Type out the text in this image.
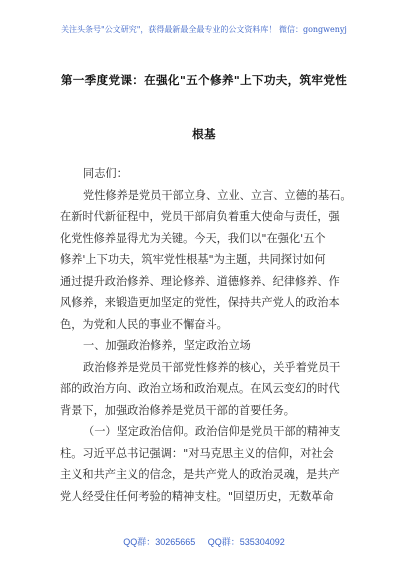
关注头条号"公文研究"，获得最新最全最专业的公文资料库！ 微信：gongwenyj
第一季度党课：在强化"五个修养"上下功夫，筑牢党性
根基
同志们：
党性修养是党员干部立身、立业、立言、立德的基石。
在新时代新征程中，党员干部肩负着重大使命与责任，强
化党性修养显得尤为关键。今天，我们以"在强化'五个
修养'上下功夫，筑牢党性根基"为主题，共同探讨如何
通过提升政治修养、理论修养、道德修养、纪律修养、作
风修养，来锻造更加坚定的党性，保持共产党人的政治本
色，为党和人民的事业不懈奋斗。
一、加强政治修养，坚定政治立场
政治修养是党员干部党性修养的核心，关乎着党员干
部的政治方向、政治立场和政治观点。在风云变幻的时代
背景下，加强政治修养是党员干部的首要任务。
（一）坚定政治信仰。政治信仰是党员干部的精神支
柱。习近平总书记强调："对马克思主义的信仰，对社会
主义和共产主义的信念，是共产党人的政治灵魂，是共产
党人经受住任何考验的精神支柱。"回望历史，无数革命
QQ群：30265665 QQ群：535304092
